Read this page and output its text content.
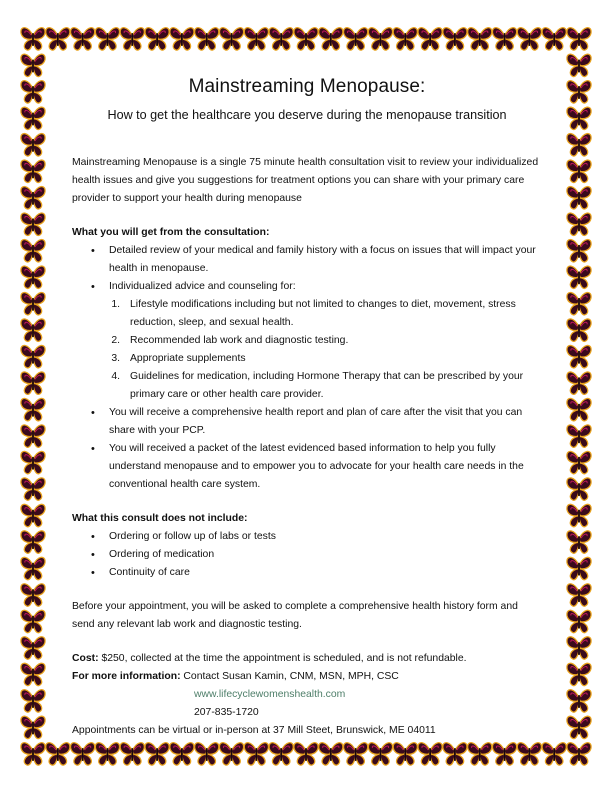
Mainstreaming Menopause:
How to get the healthcare you deserve during the menopause transition

Mainstreaming Menopause is a single 75 minute health consultation visit to review your individualized health issues and give you suggestions for treatment options you can share with your primary care provider to support your health during menopause

What you will get from the consultation:
• Detailed review of your medical and family history with a focus on issues that will impact your health in menopause.
• Individualized advice and counseling for:
1. Lifestyle modifications including but not limited to changes to diet, movement, stress reduction, sleep, and sexual health.
2. Recommended lab work and diagnostic testing.
3. Appropriate supplements
4. Guidelines for medication, including Hormone Therapy that can be prescribed by your primary care or other health care provider.
• You will receive a comprehensive health report and plan of care after the visit that you can share with your PCP.
• You will received a packet of the latest evidenced based information to help you fully understand menopause and to empower you to advocate for your health care needs in the conventional health care system.
What this consult does not include:
• Ordering or follow up of labs or tests
• Ordering of medication
• Continuity of care

Before your appointment, you will be asked to complete a comprehensive health history form and send any relevant lab work and diagnostic testing.

Cost: $250, collected at the time the appointment is scheduled, and is not refundable.
For more information: Contact Susan Kamin, CNM, MSN, MPH, CSC
www.lifecyclewomenshealth.com
207-835-1720
Appointments can be virtual or in-person at 37 Mill Steet, Brunswick, ME 04011
